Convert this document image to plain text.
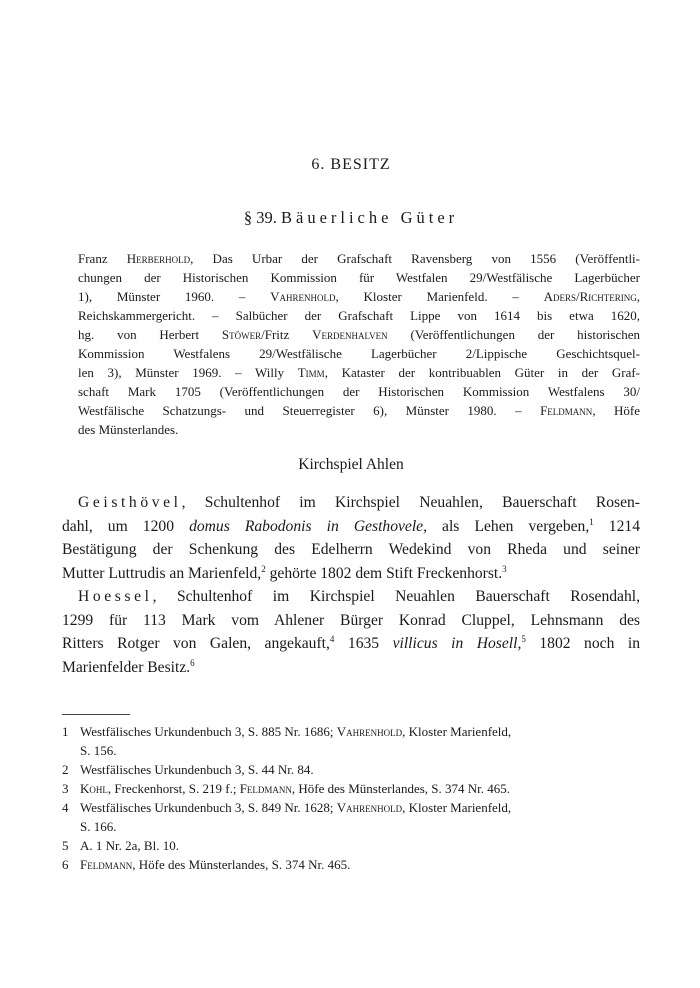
6. BESITZ
§ 39. Bäuerliche Güter
Franz Herberhold, Das Urbar der Grafschaft Ravensberg von 1556 (Veröffentli-
chungen der Historischen Kommission für Westfalen 29/Westfälische Lagerbücher
1), Münster 1960. – Vahrenhold, Kloster Marienfeld. – Aders/Richtering,
Reichskammergericht. – Salbücher der Grafschaft Lippe von 1614 bis etwa 1620,
hg. von Herbert Stöwer/Fritz Verdenhalven (Veröffentlichungen der historischen
Kommission Westfalens 29/Westfälische Lagerbücher 2/Lippische Geschichtsquel-
len 3), Münster 1969. – Willy Timm, Kataster der kontribuablen Güter in der Graf-
schaft Mark 1705 (Veröffentlichungen der Historischen Kommission Westfalens 30/
Westfälische Schatzungs- und Steuerregister 6), Münster 1980. – Feldmann, Höfe
des Münsterlandes.
Kirchspiel Ahlen
Geisthövel, Schultenhof im Kirchspiel Neuahlen, Bauerschaft Rosen-
dahl, um 1200 domus Rabodonis in Gesthovele, als Lehen vergeben,$^1$ 1214
Bestätigung der Schenkung des Edelherrn Wedekind von Rheda und seiner
Mutter Luttrudis an Marienfeld,$^2$ gehörte 1802 dem Stift Freckenhorst.$^3$
Hoessel, Schultenhof im Kirchspiel Neuahlen Bauerschaft Rosendahl,
1299 für 113 Mark vom Ahlener Bürger Konrad Cluppel, Lehnsmann des
Ritters Rotger von Galen, angekauft,$^4$ 1635 villicus in Hosell,$^5$ 1802 noch in
Marienfelder Besitz.$^6$
1 Westfälisches Urkundenbuch 3, S. 885 Nr. 1686; Vahrenhold, Kloster Marienfeld,
S. 156.
2 Westfälisches Urkundenbuch 3, S. 44 Nr. 84.
3 Kohl, Freckenhorst, S. 219 f.; Feldmann, Höfe des Münsterlandes, S. 374 Nr. 465.
4 Westfälisches Urkundenbuch 3, S. 849 Nr. 1628; Vahrenhold, Kloster Marienfeld,
S. 166.
5 A. 1 Nr. 2a, Bl. 10.
6 Feldmann, Höfe des Münsterlandes, S. 374 Nr. 465.
